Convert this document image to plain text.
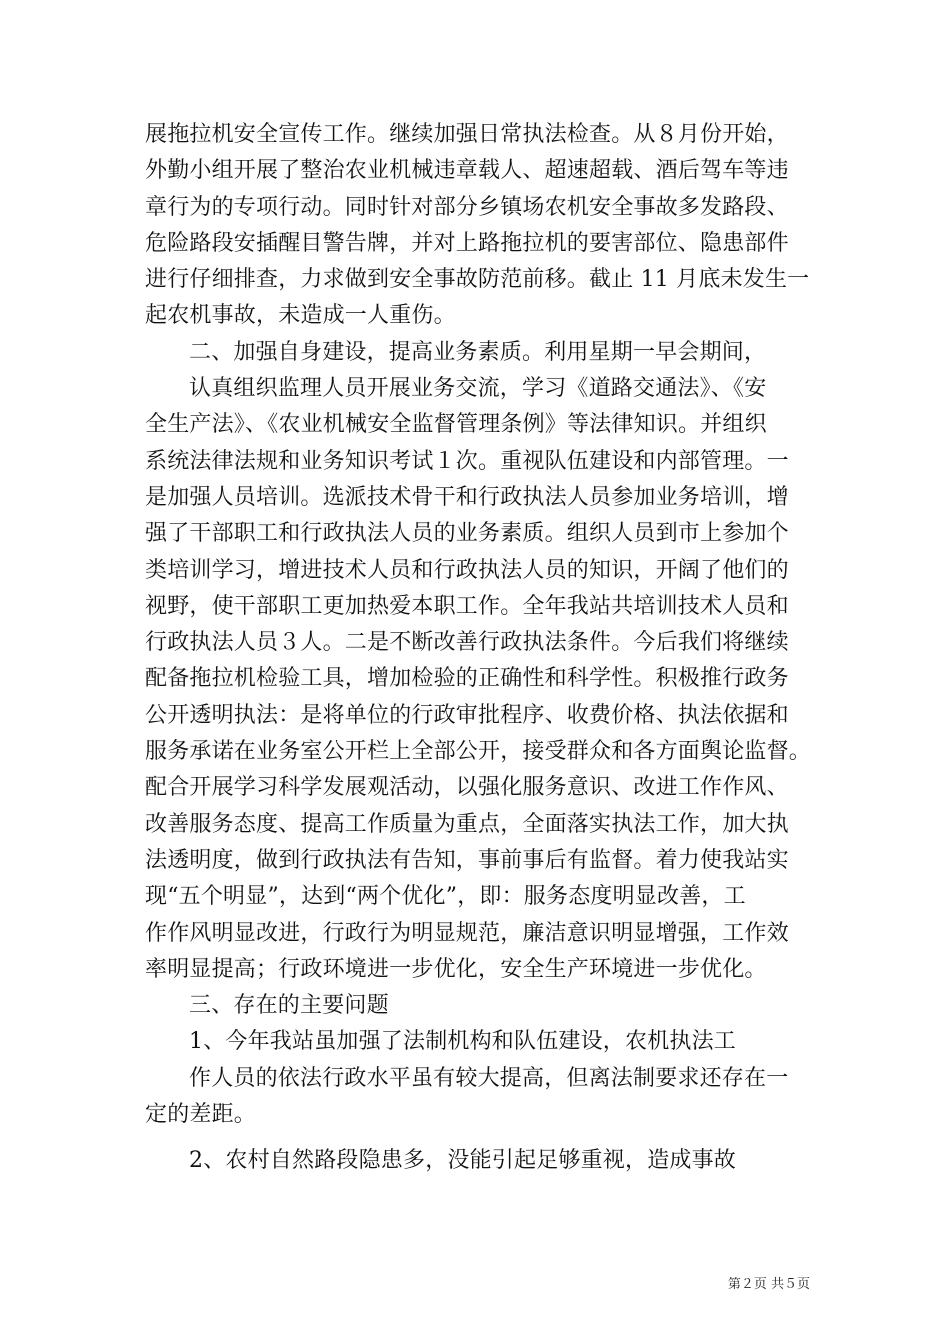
展拖拉机安全宣传工作。继续加强日常执法检查。从８月份开始，
外勤小组开展了整治农业机械违章载人、超速超载、酒后驾车等违
章行为的专项行动。同时针对部分乡镇场农机安全事故多发路段、
危险路段安插醒目警告牌，并对上路拖拉机的要害部位、隐患部件
进行仔细排查，力求做到安全事故防范前移。截止 11 月底未发生一
起农机事故，未造成一人重伤。
二、加强自身建设，提高业务素质。利用星期一早会期间，
认真组织监理人员开展业务交流，学习《道路交通法》、《安
全生产法》、《农业机械安全监督管理条例》等法律知识。并组织
系统法律法规和业务知识考试１次。重视队伍建设和内部管理。一
是加强人员培训。选派技术骨干和行政执法人员参加业务培训，增
强了干部职工和行政执法人员的业务素质。组织人员到市上参加个
类培训学习，增进技术人员和行政执法人员的知识，开阔了他们的
视野，使干部职工更加热爱本职工作。全年我站共培训技术人员和
行政执法人员３人。二是不断改善行政执法条件。今后我们将继续
配备拖拉机检验工具，增加检验的正确性和科学性。积极推行政务
公开透明执法：是将单位的行政审批程序、收费价格、执法依据和
服务承诺在业务室公开栏上全部公开，接受群众和各方面舆论监督。
配合开展学习科学发展观活动，以强化服务意识、改进工作作风、
改善服务态度、提高工作质量为重点，全面落实执法工作，加大执
法透明度，做到行政执法有告知，事前事后有监督。着力使我站实
现“五个明显”，达到“两个优化”，即：服务态度明显改善，工
作作风明显改进，行政行为明显规范，廉洁意识明显增强，工作效
率明显提高；行政环境进一步优化，安全生产环境进一步优化。
三、存在的主要问题
1、今年我站虽加强了法制机构和队伍建设，农机执法工
作人员的依法行政水平虽有较大提高，但离法制要求还存在一
定的差距。
2、农村自然路段隐患多，没能引起足够重视，造成事故
第２页 共５页
